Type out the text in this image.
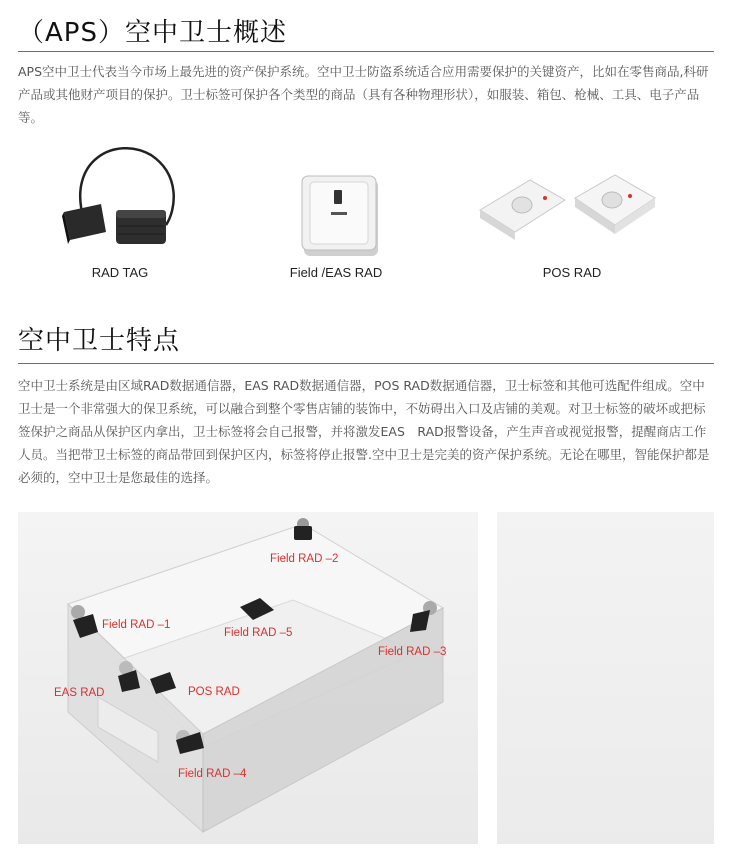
（APS）空中卫士概述
APS空中卫士代表当今市场上最先进的资产保护系统。空中卫士防盗系统适合应用需要保护的关键资产，比如在零售商品,科研产品或其他财产项目的保护。卫士标签可保护各个类型的商品（具有各种物理形状），如服装、箱包、枪械、工具、电子产品等。
RAD TAG	Field /EAS RAD	POS RAD
空中卫士特点
空中卫士系统是由区域RAD数据通信器，EAS RAD数据通信器，POS RAD数据通信器，卫士标签和其他可选配件组成。空中卫士是一个非常强大的保卫系统，可以融合到整个零售店铺的装饰中，不妨碍出入口及店铺的美观。对卫士标签的破坏或把标签保护之商品从保护区内拿出，卫士标签将会自己报警，并将激发EAS　RAD报警设备，产生声音或视觉报警，提醒商店工作人员。当把带卫士标签的商品带回到保护区内，标签将停止报警.空中卫士是完美的资产保护系统。无论在哪里，智能保护都是必须的，空中卫士是您最佳的选择。
Field RAD –1
Field RAD –2
Field RAD –3
Field RAD –4
Field RAD –5
EAS RAD	POS RAD
